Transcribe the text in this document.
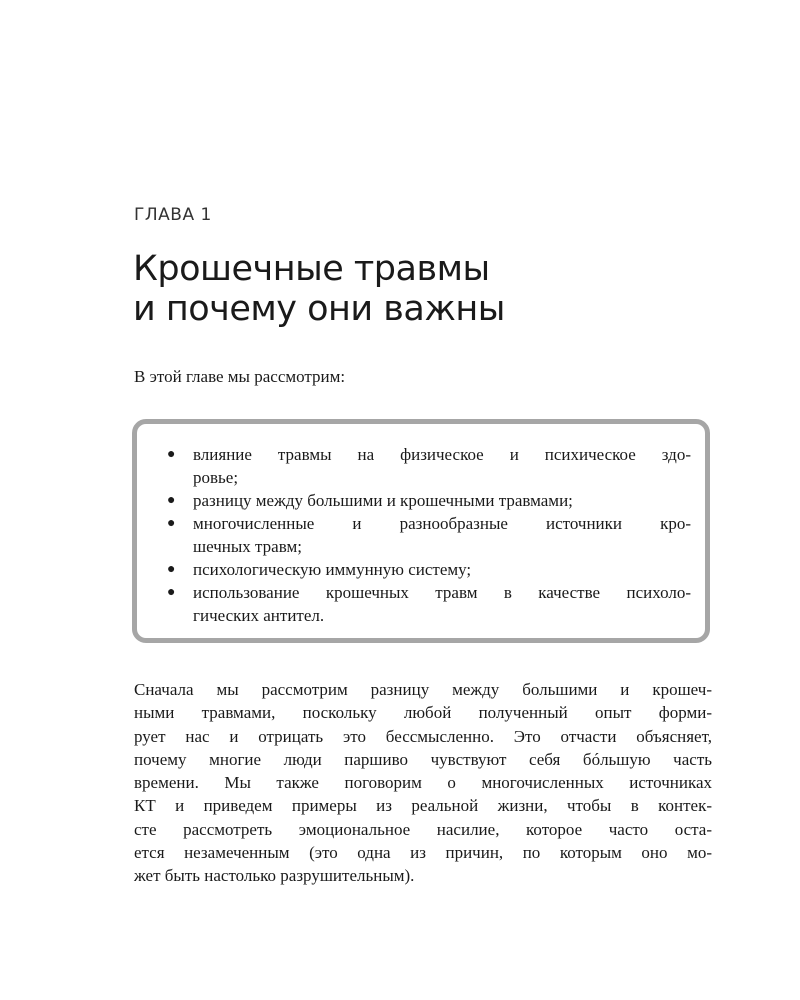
ГЛАВА 1
Крошечные травмы
и почему они важны
В этой главе мы рассмотрим:
● влияние травмы на физическое и психическое здо-
ровье;
● разницу между большими и крошечными травмами;
● многочисленные и разнообразные источники кро-
шечных травм;
● психологическую иммунную систему;
● использование крошечных травм в качестве психоло-
гических антител.
Сначала мы рассмотрим разницу между большими и крошеч-
ными травмами, поскольку любой полученный опыт форми-
рует нас и отрицать это бессмысленно. Это отчасти объясняет,
почему многие люди паршиво чувствуют себя бóльшую часть
времени. Мы также поговорим о многочисленных источниках
КТ и приведем примеры из реальной жизни, чтобы в контек-
сте рассмотреть эмоциональное насилие, которое часто оста-
ется незамеченным (это одна из причин, по которым оно мо-
жет быть настолько разрушительным).
